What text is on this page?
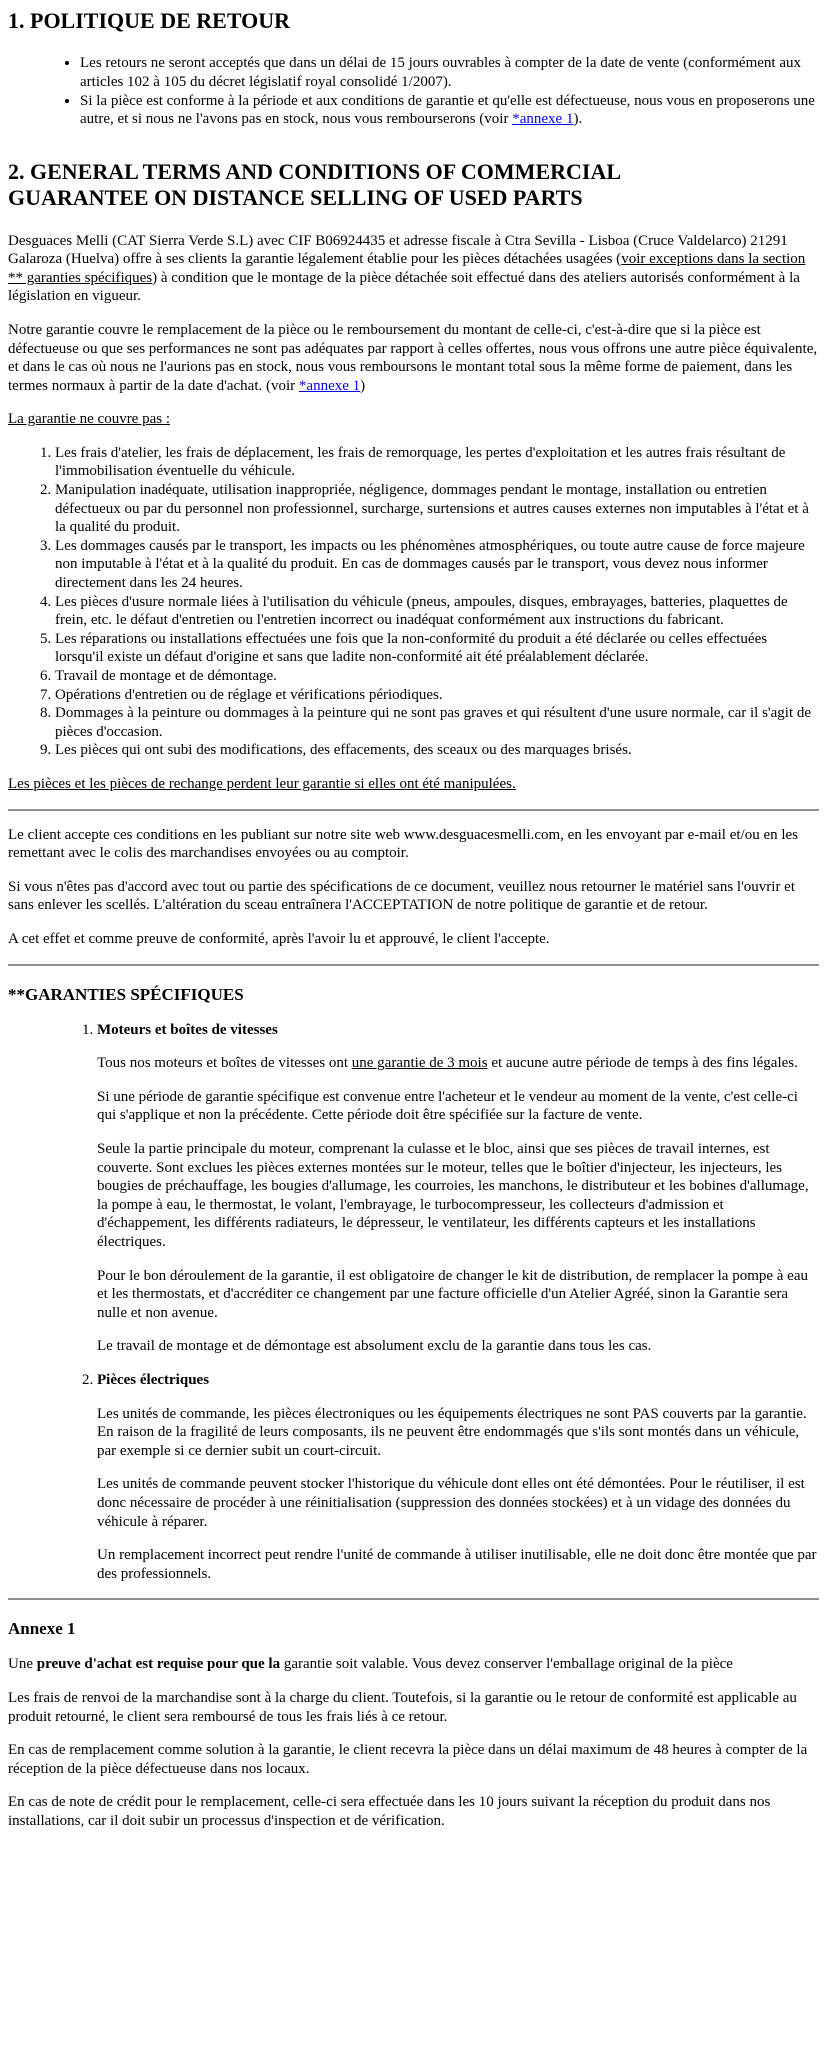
1. POLITIQUE DE RETOUR
• Les retours ne seront acceptés que dans un délai de 15 jours ouvrables à compter de la date de vente (conformément aux articles 102 à 105 du décret législatif royal consolidé 1/2007).
• Si la pièce est conforme à la période et aux conditions de garantie et qu'elle est défectueuse, nous vous en proposerons une autre, et si nous ne l'avons pas en stock, nous vous rembourserons (voir *annexe 1).
2. GENERAL TERMS AND CONDITIONS OF COMMERCIAL GUARANTEE ON DISTANCE SELLING OF USED PARTS

Desguaces Melli (CAT Sierra Verde S.L) avec CIF B06924435 et adresse fiscale à Ctra Sevilla - Lisboa (Cruce Valdelarco) 21291 Galaroza (Huelva) offre à ses clients la garantie légalement établie pour les pièces détachées usagées (voir exceptions dans la section ** garanties spécifiques) à condition que le montage de la pièce détachée soit effectué dans des ateliers autorisés conformément à la législation en vigueur.

Notre garantie couvre le remplacement de la pièce ou le remboursement du montant de celle-ci, c'est-à-dire que si la pièce est défectueuse ou que ses performances ne sont pas adéquates par rapport à celles offertes, nous vous offrons une autre pièce équivalente, et dans le cas où nous ne l'aurions pas en stock, nous vous remboursons le montant total sous la même forme de paiement, dans les termes normaux à partir de la date d'achat. (voir *annexe 1)

La garantie ne couvre pas :

1. Les frais d'atelier, les frais de déplacement, les frais de remorquage, les pertes d'exploitation et les autres frais résultant de l'immobilisation éventuelle du véhicule.
2. Manipulation inadéquate, utilisation inappropriée, négligence, dommages pendant le montage, installation ou entretien défectueux ou par du personnel non professionnel, surcharge, surtensions et autres causes externes non imputables à l'état et à la qualité du produit.
3. Les dommages causés par le transport, les impacts ou les phénomènes atmosphériques, ou toute autre cause de force majeure non imputable à l'état et à la qualité du produit. En cas de dommages causés par le transport, vous devez nous informer directement dans les 24 heures.
4. Les pièces d'usure normale liées à l'utilisation du véhicule (pneus, ampoules, disques, embrayages, batteries, plaquettes de frein, etc. le défaut d'entretien ou l'entretien incorrect ou inadéquat conformément aux instructions du fabricant.
5. Les réparations ou installations effectuées une fois que la non-conformité du produit a été déclarée ou celles effectuées lorsqu'il existe un défaut d'origine et sans que ladite non-conformité ait été préalablement déclarée.
6. Travail de montage et de démontage.
7. Opérations d'entretien ou de réglage et vérifications périodiques.
8. Dommages à la peinture ou dommages à la peinture qui ne sont pas graves et qui résultent d'une usure normale, car il s'agit de pièces d'occasion.
9. Les pièces qui ont subi des modifications, des effacements, des sceaux ou des marquages brisés.

Les pièces et les pièces de rechange perdent leur garantie si elles ont été manipulées.

Le client accepte ces conditions en les publiant sur notre site web www.desguacesmelli.com, en les envoyant par e-mail et/ou en les remettant avec le colis des marchandises envoyées ou au comptoir.

Si vous n'êtes pas d'accord avec tout ou partie des spécifications de ce document, veuillez nous retourner le matériel sans l'ouvrir et sans enlever les scellés. L'altération du sceau entraînera l'ACCEPTATION de notre politique de garantie et de retour.

A cet effet et comme preuve de conformité, après l'avoir lu et approuvé, le client l'accepte.

**GARANTIES SPÉCIFIQUES
1. Moteurs et boîtes de vitesses

Tous nos moteurs et boîtes de vitesses ont une garantie de 3 mois et aucune autre période de temps à des fins légales.

Si une période de garantie spécifique est convenue entre l'acheteur et le vendeur au moment de la vente, c'est celle-ci qui s'applique et non la précédente. Cette période doit être spécifiée sur la facture de vente.

Seule la partie principale du moteur, comprenant la culasse et le bloc, ainsi que ses pièces de travail internes, est couverte. Sont exclues les pièces externes montées sur le moteur, telles que le boîtier d'injecteur, les injecteurs, les bougies de préchauffage, les bougies d'allumage, les courroies, les manchons, le distributeur et les bobines d'allumage, la pompe à eau, le thermostat, le volant, l'embrayage, le turbocompresseur, les collecteurs d'admission et d'échappement, les différents radiateurs, le dépresseur, le ventilateur, les différents capteurs et les installations électriques.

Pour le bon déroulement de la garantie, il est obligatoire de changer le kit de distribution, de remplacer la pompe à eau et les thermostats, et d'accréditer ce changement par une facture officielle d'un Atelier Agréé, sinon la Garantie sera nulle et non avenue.

Le travail de montage et de démontage est absolument exclu de la garantie dans tous les cas.

2. Pièces électriques

Les unités de commande, les pièces électroniques ou les équipements électriques ne sont PAS couverts par la garantie. En raison de la fragilité de leurs composants, ils ne peuvent être endommagés que s'ils sont montés dans un véhicule, par exemple si ce dernier subit un court-circuit.

Les unités de commande peuvent stocker l'historique du véhicule dont elles ont été démontées. Pour le réutiliser, il est donc nécessaire de procéder à une réinitialisation (suppression des données stockées) et à un vidage des données du véhicule à réparer.

Un remplacement incorrect peut rendre l'unité de commande à utiliser inutilisable, elle ne doit donc être montée que par des professionnels.

Annexe 1

Une preuve d'achat est requise pour que la garantie soit valable. Vous devez conserver l'emballage original de la pièce

Les frais de renvoi de la marchandise sont à la charge du client. Toutefois, si la garantie ou le retour de conformité est applicable au produit retourné, le client sera remboursé de tous les frais liés à ce retour.

En cas de remplacement comme solution à la garantie, le client recevra la pièce dans un délai maximum de 48 heures à compter de la réception de la pièce défectueuse dans nos locaux.

En cas de note de crédit pour le remplacement, celle-ci sera effectuée dans les 10 jours suivant la réception du produit dans nos installations, car il doit subir un processus d'inspection et de vérification.
